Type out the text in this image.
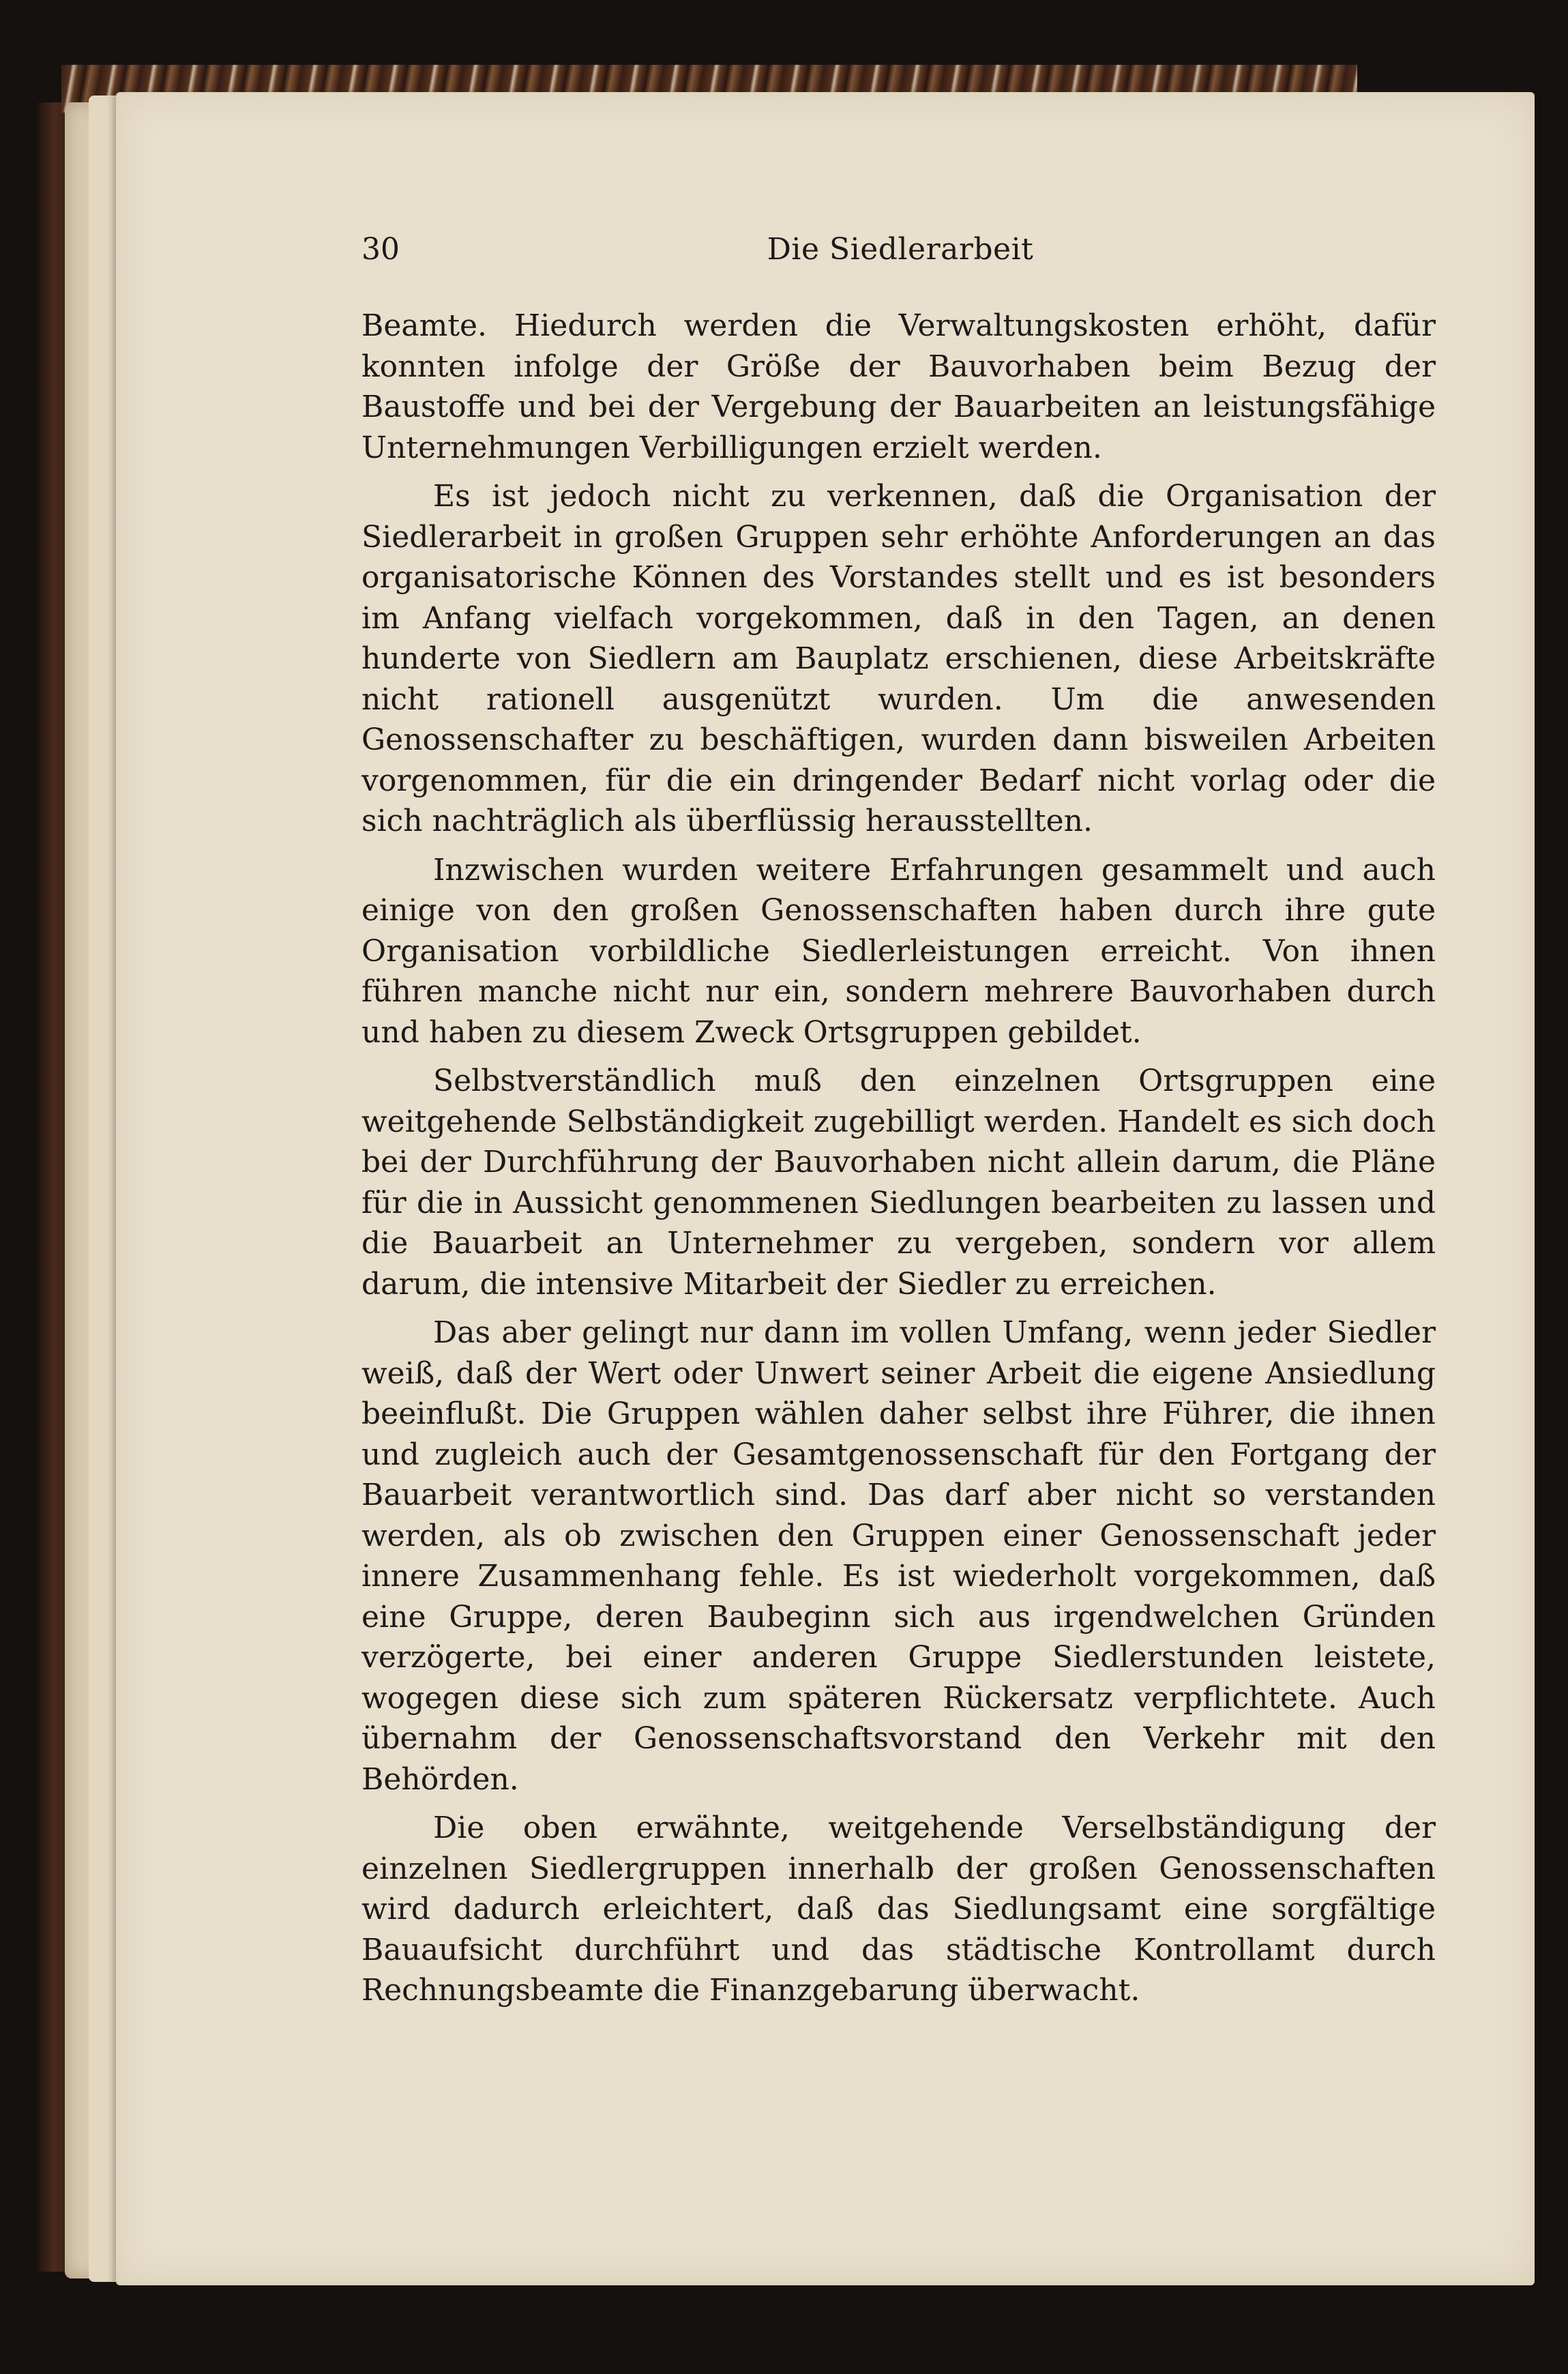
30	Die Siedlerarbeit

Beamte. Hiedurch werden die Verwaltungskosten erhöht, dafür konnten infolge der Größe der Bauvorhaben beim Bezug der Baustoffe und bei der Vergebung der Bauarbeiten an leistungsfähige Unternehmungen Verbilligungen erzielt werden.

Es ist jedoch nicht zu verkennen, daß die Organisation der Siedlerarbeit in großen Gruppen sehr erhöhte Anforderungen an das organisatorische Können des Vorstandes stellt und es ist besonders im Anfang vielfach vorgekommen, daß in den Tagen, an denen hunderte von Siedlern am Bauplatz erschienen, diese Arbeitskräfte nicht rationell ausgenützt wurden. Um die anwesenden Genossenschafter zu beschäftigen, wurden dann bisweilen Arbeiten vorgenommen, für die ein dringender Bedarf nicht vorlag oder die sich nachträglich als überflüssig herausstellten.

Inzwischen wurden weitere Erfahrungen gesammelt und auch einige von den großen Genossenschaften haben durch ihre gute Organisation vorbildliche Siedlerleistungen erreicht. Von ihnen führen manche nicht nur ein, sondern mehrere Bauvorhaben durch und haben zu diesem Zweck Ortsgruppen gebildet.

Selbstverständlich muß den einzelnen Ortsgruppen eine weitgehende Selbständigkeit zugebilligt werden. Handelt es sich doch bei der Durchführung der Bauvorhaben nicht allein darum, die Pläne für die in Aussicht genommenen Siedlungen bearbeiten zu lassen und die Bauarbeit an Unternehmer zu vergeben, sondern vor allem darum, die intensive Mitarbeit der Siedler zu erreichen.

Das aber gelingt nur dann im vollen Umfang, wenn jeder Siedler weiß, daß der Wert oder Unwert seiner Arbeit die eigene Ansiedlung beeinflußt. Die Gruppen wählen daher selbst ihre Führer, die ihnen und zugleich auch der Gesamtgenossenschaft für den Fortgang der Bauarbeit verantwortlich sind. Das darf aber nicht so verstanden werden, als ob zwischen den Gruppen einer Genossenschaft jeder innere Zusammenhang fehle. Es ist wiederholt vorgekommen, daß eine Gruppe, deren Baubeginn sich aus irgendwelchen Gründen verzögerte, bei einer anderen Gruppe Siedlerstunden leistete, wogegen diese sich zum späteren Rückersatz verpflichtete. Auch übernahm der Genossenschaftsvorstand den Verkehr mit den Behörden.

Die oben erwähnte, weitgehende Verselbständigung der einzelnen Siedlergruppen innerhalb der großen Genossenschaften wird dadurch erleichtert, daß das Siedlungsamt eine sorgfältige Bauaufsicht durchführt und das städtische Kontrollamt durch Rechnungsbeamte die Finanzgebarung überwacht.
